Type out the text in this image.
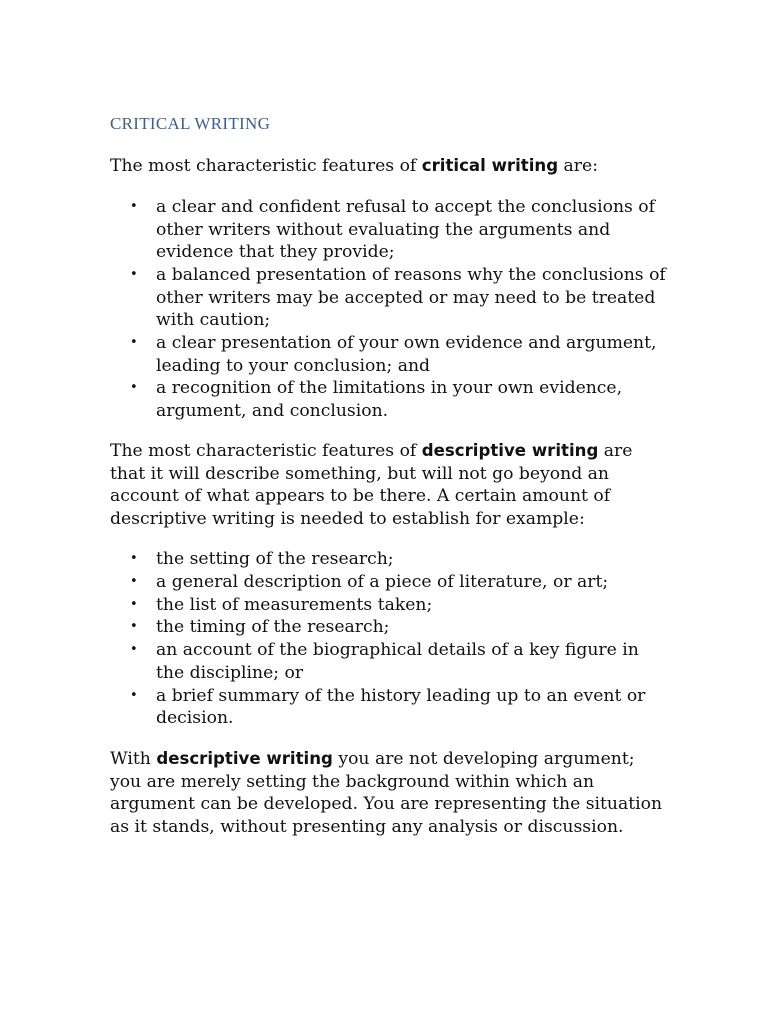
CRITICAL WRITING

The most characteristic features of critical writing are:

• a clear and confident refusal to accept the conclusions of other writers without evaluating the arguments and evidence that they provide;
• a balanced presentation of reasons why the conclusions of other writers may be accepted or may need to be treated with caution;
• a clear presentation of your own evidence and argument, leading to your conclusion; and
• a recognition of the limitations in your own evidence, argument, and conclusion.

The most characteristic features of descriptive writing are that it will describe something, but will not go beyond an account of what appears to be there. A certain amount of descriptive writing is needed to establish for example:

• the setting of the research;
• a general description of a piece of literature, or art;
• the list of measurements taken;
• the timing of the research;
• an account of the biographical details of a key figure in the discipline; or
• a brief summary of the history leading up to an event or decision.

With descriptive writing you are not developing argument; you are merely setting the background within which an argument can be developed. You are representing the situation as it stands, without presenting any analysis or discussion.
